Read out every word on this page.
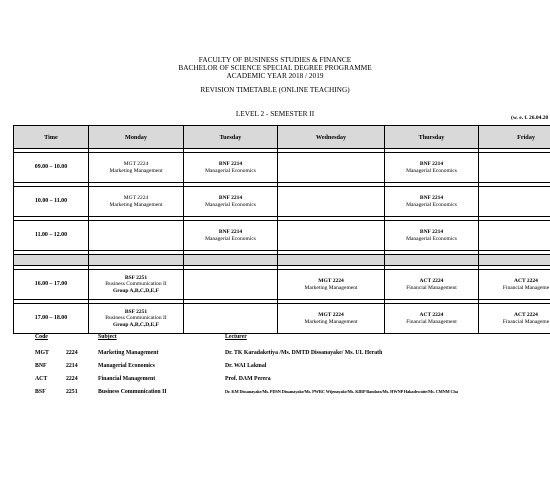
FACULTY OF BUSINESS STUDIES & FINANCE
BACHELOR OF SCIENCE SPECIAL DEGREE PROGRAMME
ACADEMIC YEAR 2018 / 2019
REVISION TIMETABLE (ONLINE TEACHING)
LEVEL 2 - SEMESTER II	(w. e. f. 26.04.20
Time	Monday	Tuesday	Wednesday	Thursday	Friday

09.00 – 10.00	MGT 2224
Marketing Management	BNF 2214
Managerial Economics		BNF 2214
Managerial Economics	

10.00 – 11.00	MGT 2224
Marketing Management	BNF 2214
Managerial Economics		BNF 2214
Managerial Economics	

11.00 – 12.00		BNF 2214
Managerial Economics		BNF 2214
Managerial Economics	

16.00 – 17.00	BSF 2251
Business Communication II
Group A,B,C,D,E,F		MGT 2224
Marketing Management	ACT 2224
Financial Management	ACT 2224
Financial Manageme

17.00 – 18.00	BSF 2251
Business Communication II
Group A,B,C,D,E,F		MGT 2224
Marketing Management	ACT 2224
Financial Management	ACT 2224
Financial Manageme
Code	Subject	Lecturer
MGT	2224	Marketing Management	Dr. TK Karadaketiya /Ms. DMTD Dissanayake/ Ms. UL Herath
BNF	2214	Managerial Economics	Dr. WAI Lakmal
ACT	2224	Financial Management	Prof. DAM Perera
BSF	2251	Business Communication II	Dr. KM Dissanayake/Ms. PDSN Dissanayake/Ms. PWRC Wijenayake/Ms. KIRP Bandara/Ms. HWNP Hakadewatte/Ms. CMNM Cha
